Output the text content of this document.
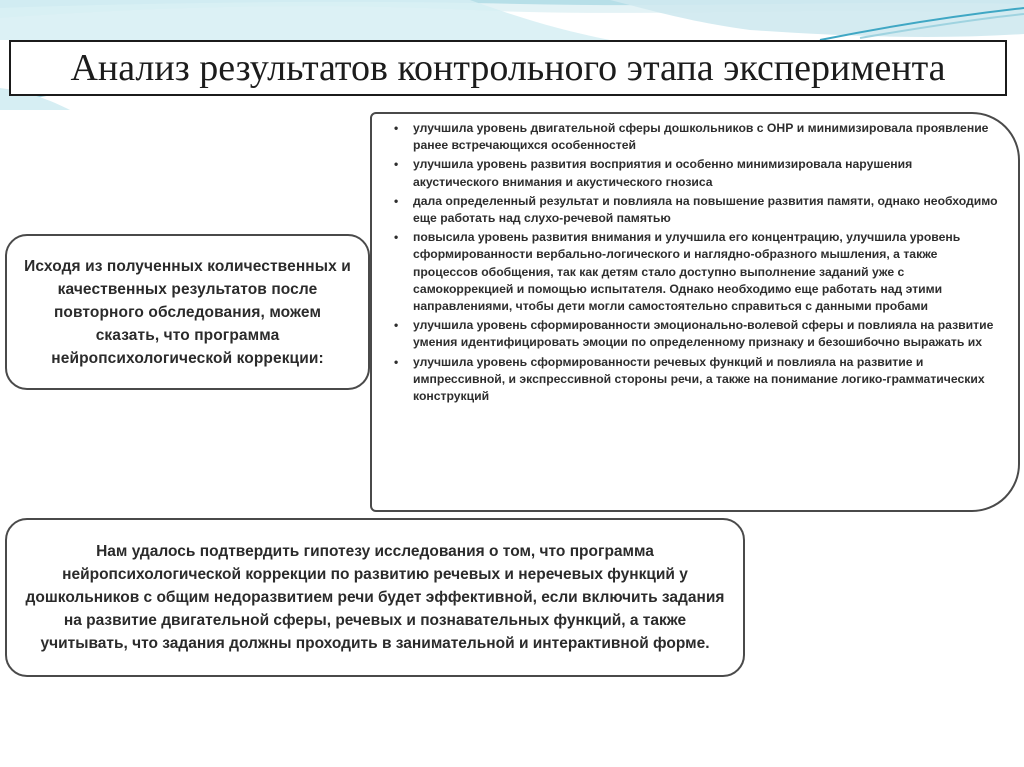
Анализ результатов контрольного этапа эксперимента

Исходя из полученных количественных и качественных результатов после повторного обследования, можем сказать, что программа нейропсихологической коррекции:

• улучшила уровень двигательной сферы дошкольников с ОНР и минимизировала проявление ранее встречающихся особенностей
• улучшила уровень развития восприятия и особенно минимизировала нарушения акустического внимания и акустического гнозиса
• дала определенный результат и повлияла на повышение развития памяти, однако необходимо еще работать над слухо-речевой памятью
• повысила уровень развития внимания и улучшила его концентрацию, улучшила уровень сформированности вербально-логического и наглядно-образного мышления, а также процессов обобщения, так как детям стало доступно выполнение заданий уже с самокоррекцией и помощью испытателя. Однако необходимо еще работать над этими направлениями, чтобы дети могли самостоятельно справиться с данными пробами
• улучшила уровень сформированности эмоционально-волевой сферы и повлияла на развитие умения идентифицировать эмоции по определенному признаку и безошибочно выражать их
• улучшила уровень сформированности речевых функций и повлияла на развитие и импрессивной, и экспрессивной стороны речи, а также на понимание логико-грамматических конструкций

Нам удалось подтвердить гипотезу исследования о том, что программа нейропсихологической коррекции по развитию речевых и неречевых функций у дошкольников с общим недоразвитием речи будет эффективной, если включить задания на развитие двигательной сферы, речевых и познавательных функций, а также учитывать, что задания должны проходить в занимательной и интерактивной форме.
